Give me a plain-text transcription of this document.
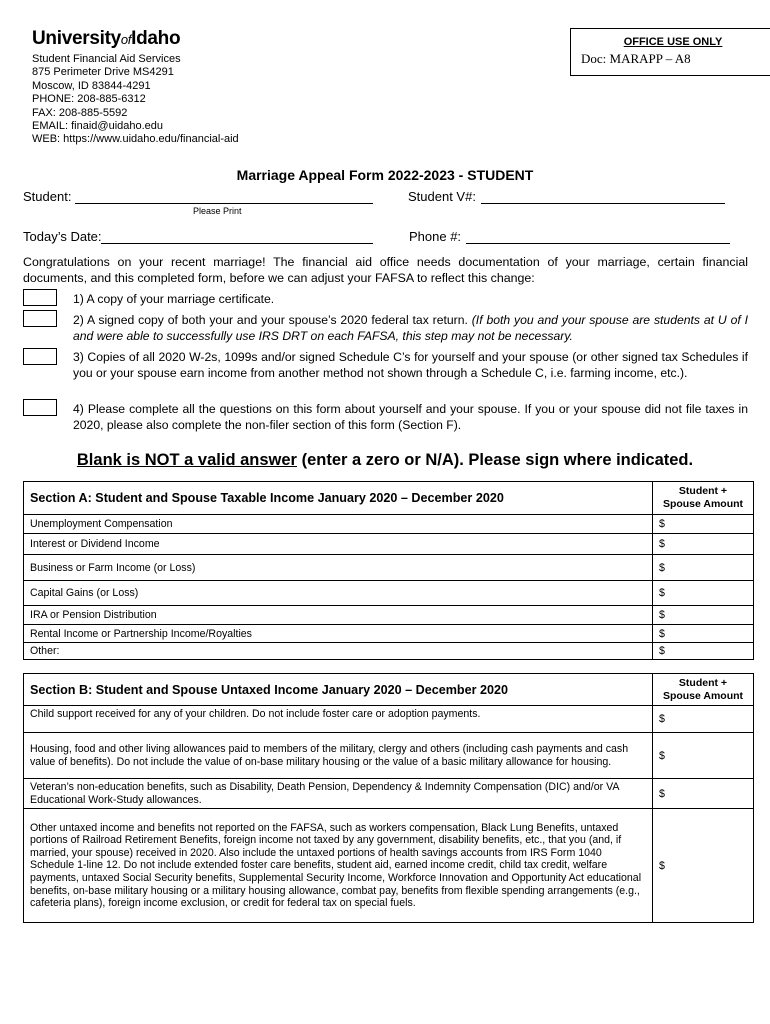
UniversityofIdaho
Student Financial Aid Services
875 Perimeter Drive MS4291
Moscow, ID 83844-4291
PHONE: 208-885-6312
FAX: 208-885-5592
EMAIL: finaid@uidaho.edu
WEB: https://www.uidaho.edu/financial-aid
OFFICE USE ONLY
Doc: MARAPP – A8
Marriage Appeal Form 2022-2023 - STUDENT
Student:
Please Print
Student V#:
Today’s Date:	Phone #:
Congratulations on your recent marriage! The financial aid office needs documentation of your marriage, certain financial documents, and this completed form, before we can adjust your FAFSA to reflect this change:
1) A copy of your marriage certificate.
2) A signed copy of both your and your spouse’s 2020 federal tax return. (If both you and your spouse are students at U of I and were able to successfully use IRS DRT on each FAFSA, this step may not be necessary.
3) Copies of all 2020 W-2s, 1099s and/or signed Schedule C’s for yourself and your spouse (or other signed tax Schedules if you or your spouse earn income from another method not shown through a Schedule C, i.e. farming income, etc.).
4) Please complete all the questions on this form about yourself and your spouse. If you or your spouse did not file taxes in 2020, please also complete the non-filer section of this form (Section F).
Blank is NOT a valid answer (enter a zero or N/A). Please sign where indicated.
Section A: Student and Spouse Taxable Income January 2020 – December 2020	Student +
Spouse Amount

Unemployment Compensation	$
Interest or Dividend Income	$
Business or Farm Income (or Loss)	$
Capital Gains (or Loss)	$
IRA or Pension Distribution	$
Rental Income or Partnership Income/Royalties	$
Other:	$
Section B: Student and Spouse Untaxed Income January 2020 – December 2020	Student +
Spouse Amount

Child support received for any of your children. Do not include foster care or adoption payments.	$
Housing, food and other living allowances paid to members of the military, clergy and others (including cash payments and cash value of benefits). Do not include the value of on-base military housing or the value of a basic military allowance for housing.	$
Veteran’s non-education benefits, such as Disability, Death Pension, Dependency & Indemnity Compensation (DIC) and/or VA Educational Work-Study allowances.	$
Other untaxed income and benefits not reported on the FAFSA, such as workers compensation, Black Lung Benefits, untaxed portions of Railroad Retirement Benefits, foreign income not taxed by any government, disability benefits, etc., that you (and, if married, your spouse) received in 2020. Also include the untaxed portions of health savings accounts from IRS Form 1040 Schedule 1-line 12. Do not include extended foster care benefits, student aid, earned income credit, child tax credit, welfare payments, untaxed Social Security benefits, Supplemental Security Income, Workforce Innovation and Opportunity Act educational benefits, on-base military housing or a military housing allowance, combat pay, benefits from flexible spending arrangements (e.g., cafeteria plans), foreign income exclusion, or credit for federal tax on special fuels.	$
